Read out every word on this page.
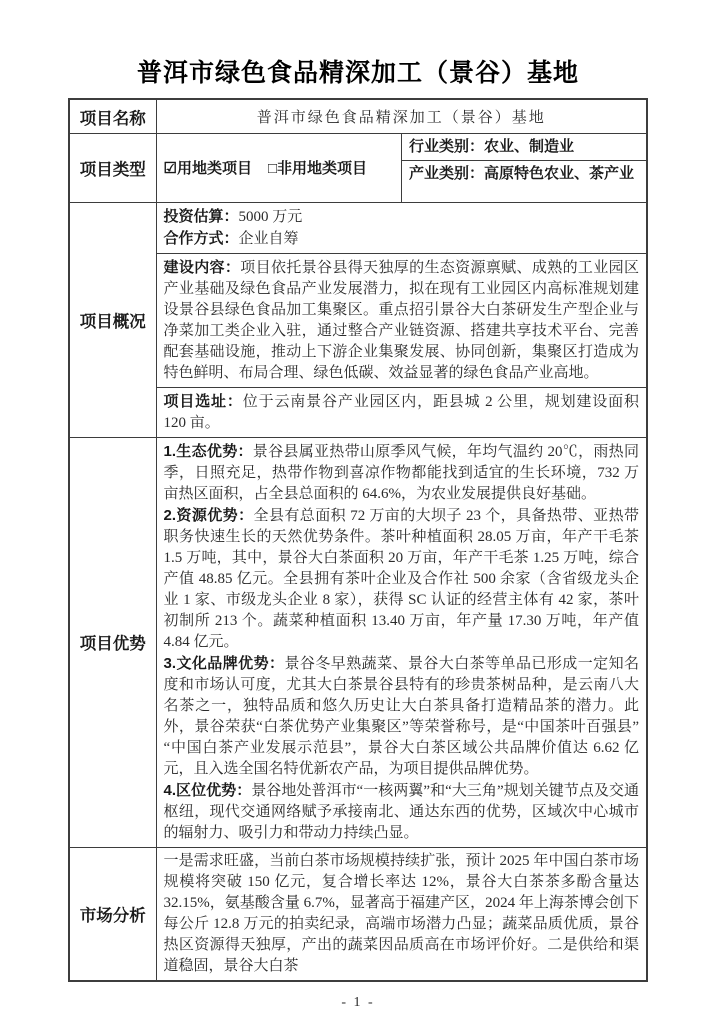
普洱市绿色食品精深加工（景谷）基地
项目名称	普洱市绿色食品精深加工（景谷）基地	
项目类型	☑用地类项目 □非用地类项目	行业类别：农业、制造业
		产业类别：高原特色农业、茶产业
项目概况	投资估算：5000 万元

合作方式：企业自筹	

	建设内容：项目依托景谷县得天独厚的生态资源禀赋、成熟的工业园区产业基础及绿色食品产业发展潜力，拟在现有工业园区内高标准规划建设景谷县绿色食品加工集聚区。重点招引景谷大白茶研发生产型企业与净菜加工类企业入驻，通过整合产业链资源、搭建共享技术平台、完善配套基础设施，推动上下游企业集聚发展、协同创新，集聚区打造成为特色鲜明、布局合理、绿色低碳、效益显著的绿色食品产业高地。	

	项目选址：位于云南景谷产业园区内，距县城 2 公里，规划建设面积 120 亩。	

项目优势	1.生态优势：景谷县属亚热带山原季风气候，年均气温约 20℃，雨热同季，日照充足，热带作物到喜凉作物都能找到适宜的生长环境，732 万亩热区面积，占全县总面积的 64.6%，为农业发展提供良好基础。

2.资源优势：全县有总面积 72 万亩的大坝子 23 个，具备热带、亚热带职务快速生长的天然优势条件。茶叶种植面积 28.05 万亩，年产干毛茶 1.5 万吨，其中，景谷大白茶面积 20 万亩，年产干毛茶 1.25 万吨，综合产值 48.85 亿元。全县拥有茶叶企业及合作社 500 余家（含省级龙头企业 1 家、市级龙头企业 8 家），获得 SC 认证的经营主体有 42 家，茶叶初制所 213 个。蔬菜种植面积 13.40 万亩，年产量 17.30 万吨，年产值 4.84 亿元。

3.文化品牌优势：景谷冬早熟蔬菜、景谷大白茶等单品已形成一定知名度和市场认可度，尤其大白茶景谷县特有的珍贵茶树品种，是云南八大名茶之一，独特品质和悠久历史让大白茶具备打造精品茶的潜力。此外，景谷荣获“白茶优势产业集聚区”等荣誉称号，是“中国茶叶百强县” “中国白茶产业发展示范县”，景谷大白茶区域公共品牌价值达 6.62 亿元，且入选全国名特优新农产品，为项目提供品牌优势。

4.区位优势：景谷地处普洱市“一核两翼”和“大三角”规划关键节点及交通枢纽，现代交通网络赋予承接南北、通达东西的优势，区域次中心城市的辐射力、吸引力和带动力持续凸显。	

市场分析	一是需求旺盛，当前白茶市场规模持续扩张，预计 2025 年中国白茶市场规模将突破 150 亿元，复合增长率达 12%，景谷大白茶茶多酚含量达 32.15%，氨基酸含量 6.7%，显著高于福建产区，2024 年上海茶博会创下每公斤 12.8 万元的拍卖纪录，高端市场潜力凸显；蔬菜品质优质，景谷热区资源得天独厚，产出的蔬菜因品质高在市场评价好。二是供给和渠道稳固，景谷大白茶	

- 1 -
